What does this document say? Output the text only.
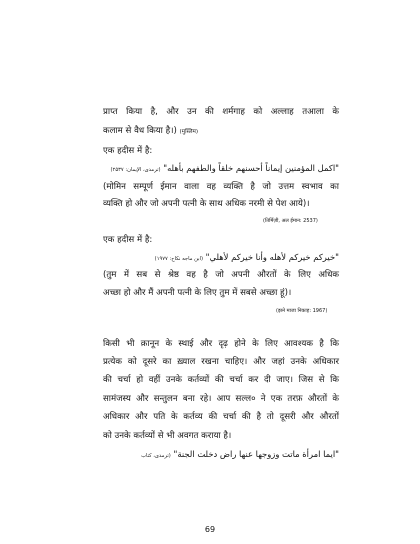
प्राप्त किया है, और उन की शर्मगाह को अल्लाह तआला के

कलाम से वैध किया है।) (मुस्लिम)

एक हदीस में है:

"اكمل المؤمنين إيماناً أحسنهم خلقاً والطفهم بأهله" (ترمذی، الإیمان: ۲۵۳۷)

(मोमिन सम्पूर्ण ईमान वाला वह व्यक्ति है जो उत्तम स्वभाव का

व्यक्ति हो और जो अपनी पत्नी के साथ अधिक नरमी से पेश आये)।

(तिर्मिज़ी, अल ईमान: 2537)

एक हदीस में है:

"خيركم خيركم لأهله وأنا خيركم لأهلي" (ابن ماجه نکاح: ۱۹۷۷)

(तुम में सब से श्रेष्ठ वह है जो अपनी औरतों के लिए अधिक

अच्छा हो और मैं अपनी पत्नी के लिए तुम में सबसे अच्छा हूं)।

(इब्ने माजा निकाह: 1967)

किसी भी क़ानून के स्थाई और दृढ़ होने के लिए आवश्यक है कि

प्रत्येक को दूसरे का ख़्याल रखना चाहिए। और जहां उनके अधिकार

की चर्चा हो वहीं उनके कर्तव्यों की चर्चा कर दी जाए। जिस से कि

सामंजस्य और सन्तुलन बना रहे। आप सल्ल० ने एक तरफ़ औरतों के

अधिकार और पति के कर्तव्य की चर्चा की है तो दूसरी और औरतों

को उनके कर्तव्यों से भी अवगत कराया है।

"ايما امرأة ماتت وزوجها عنها راض دخلت الجنة" (ترمذی، کتاب

69
